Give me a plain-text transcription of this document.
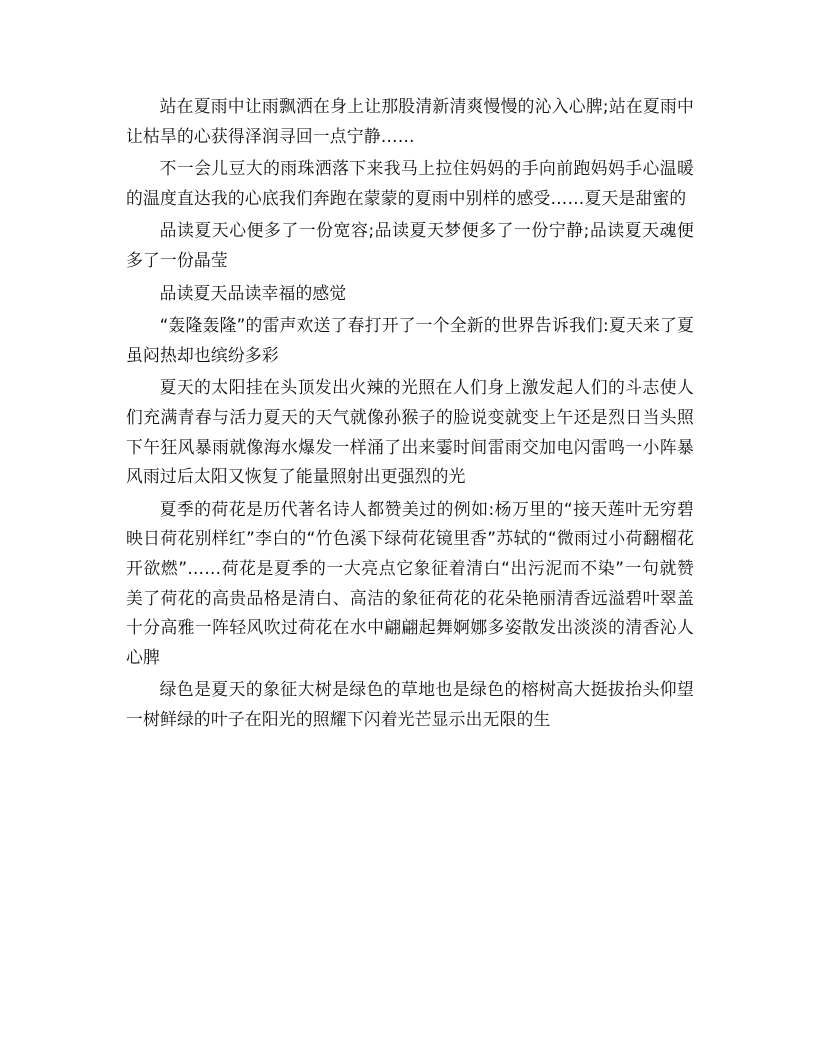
站在夏雨中让雨飘洒在身上让那股清新清爽慢慢的沁入心脾;站在夏雨中让枯旱的心获得泽润寻回一点宁静……

不一会儿豆大的雨珠洒落下来我马上拉住妈妈的手向前跑妈妈手心温暖的温度直达我的心底我们奔跑在蒙蒙的夏雨中别样的感受……夏天是甜蜜的

品读夏天心便多了一份宽容;品读夏天梦便多了一份宁静;品读夏天魂便多了一份晶莹

品读夏天品读幸福的感觉

“轰隆轰隆”的雷声欢送了春打开了一个全新的世界告诉我们:夏天来了夏虽闷热却也缤纷多彩

夏天的太阳挂在头顶发出火辣的光照在人们身上激发起人们的斗志使人们充满青春与活力夏天的天气就像孙猴子的脸说变就变上午还是烈日当头照下午狂风暴雨就像海水爆发一样涌了出来霎时间雷雨交加电闪雷鸣一小阵暴风雨过后太阳又恢复了能量照射出更强烈的光

夏季的荷花是历代著名诗人都赞美过的例如:杨万里的“接天莲叶无穷碧映日荷花别样红”李白的“竹色溪下绿荷花镜里香”苏轼的“微雨过小荷翻榴花开欲燃”……荷花是夏季的一大亮点它象征着清白“出污泥而不染”一句就赞美了荷花的高贵品格是清白、高洁的象征荷花的花朵艳丽清香远溢碧叶翠盖十分高雅一阵轻风吹过荷花在水中翩翩起舞婀娜多姿散发出淡淡的清香沁人心脾

绿色是夏天的象征大树是绿色的草地也是绿色的榕树高大挺拔抬头仰望一树鲜绿的叶子在阳光的照耀下闪着光芒显示出无限的生
